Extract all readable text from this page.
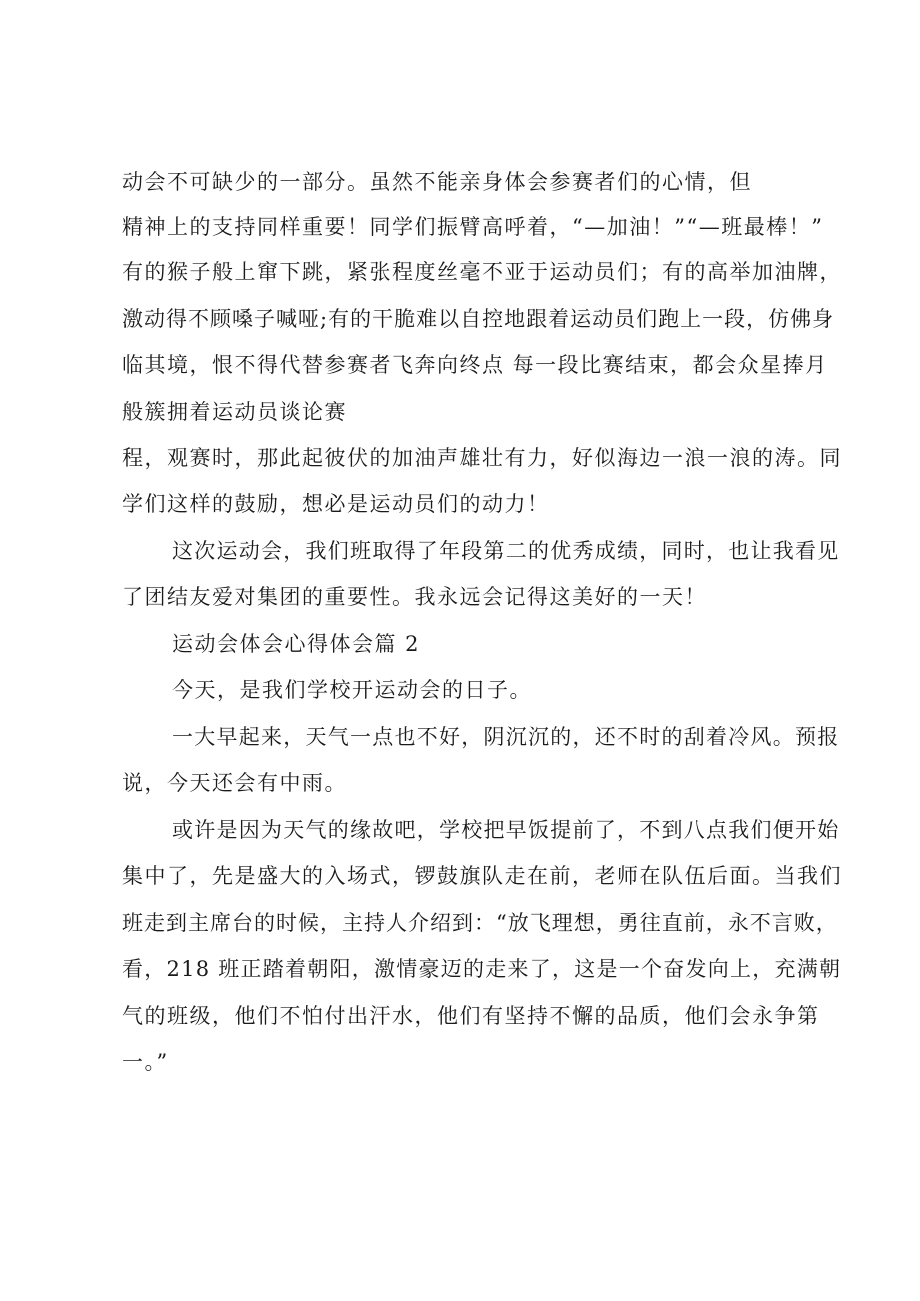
动会不可缺少的一部分。虽然不能亲身体会参赛者们的心情，但

精神上的支持同样重要！同学们振臂高呼着，“—加油！”“—班最棒！”

有的猴子般上窜下跳，紧张程度丝毫不亚于运动员们；有的高举加油牌，

激动得不顾嗓子喊哑;有的干脆难以自控地跟着运动员们跑上一段，仿佛身

临其境，恨不得代替参赛者飞奔向终点 每一段比赛结束，都会众星捧月

般簇拥着运动员谈论赛

程，观赛时，那此起彼伏的加油声雄壮有力，好似海边一浪一浪的涛。同

学们这样的鼓励，想必是运动员们的动力！

这次运动会，我们班取得了年段第二的优秀成绩，同时，也让我看见

了团结友爱对集团的重要性。我永远会记得这美好的一天！

运动会体会心得体会篇 2

今天，是我们学校开运动会的日子。

一大早起来，天气一点也不好，阴沉沉的，还不时的刮着冷风。预报

说，今天还会有中雨。

或许是因为天气的缘故吧，学校把早饭提前了，不到八点我们便开始

集中了，先是盛大的入场式，锣鼓旗队走在前，老师在队伍后面。当我们

班走到主席台的时候，主持人介绍到：“放飞理想，勇往直前，永不言败，

看，218 班正踏着朝阳，激情豪迈的走来了，这是一个奋发向上，充满朝

气的班级，他们不怕付出汗水，他们有坚持不懈的品质，他们会永争第

一。”
